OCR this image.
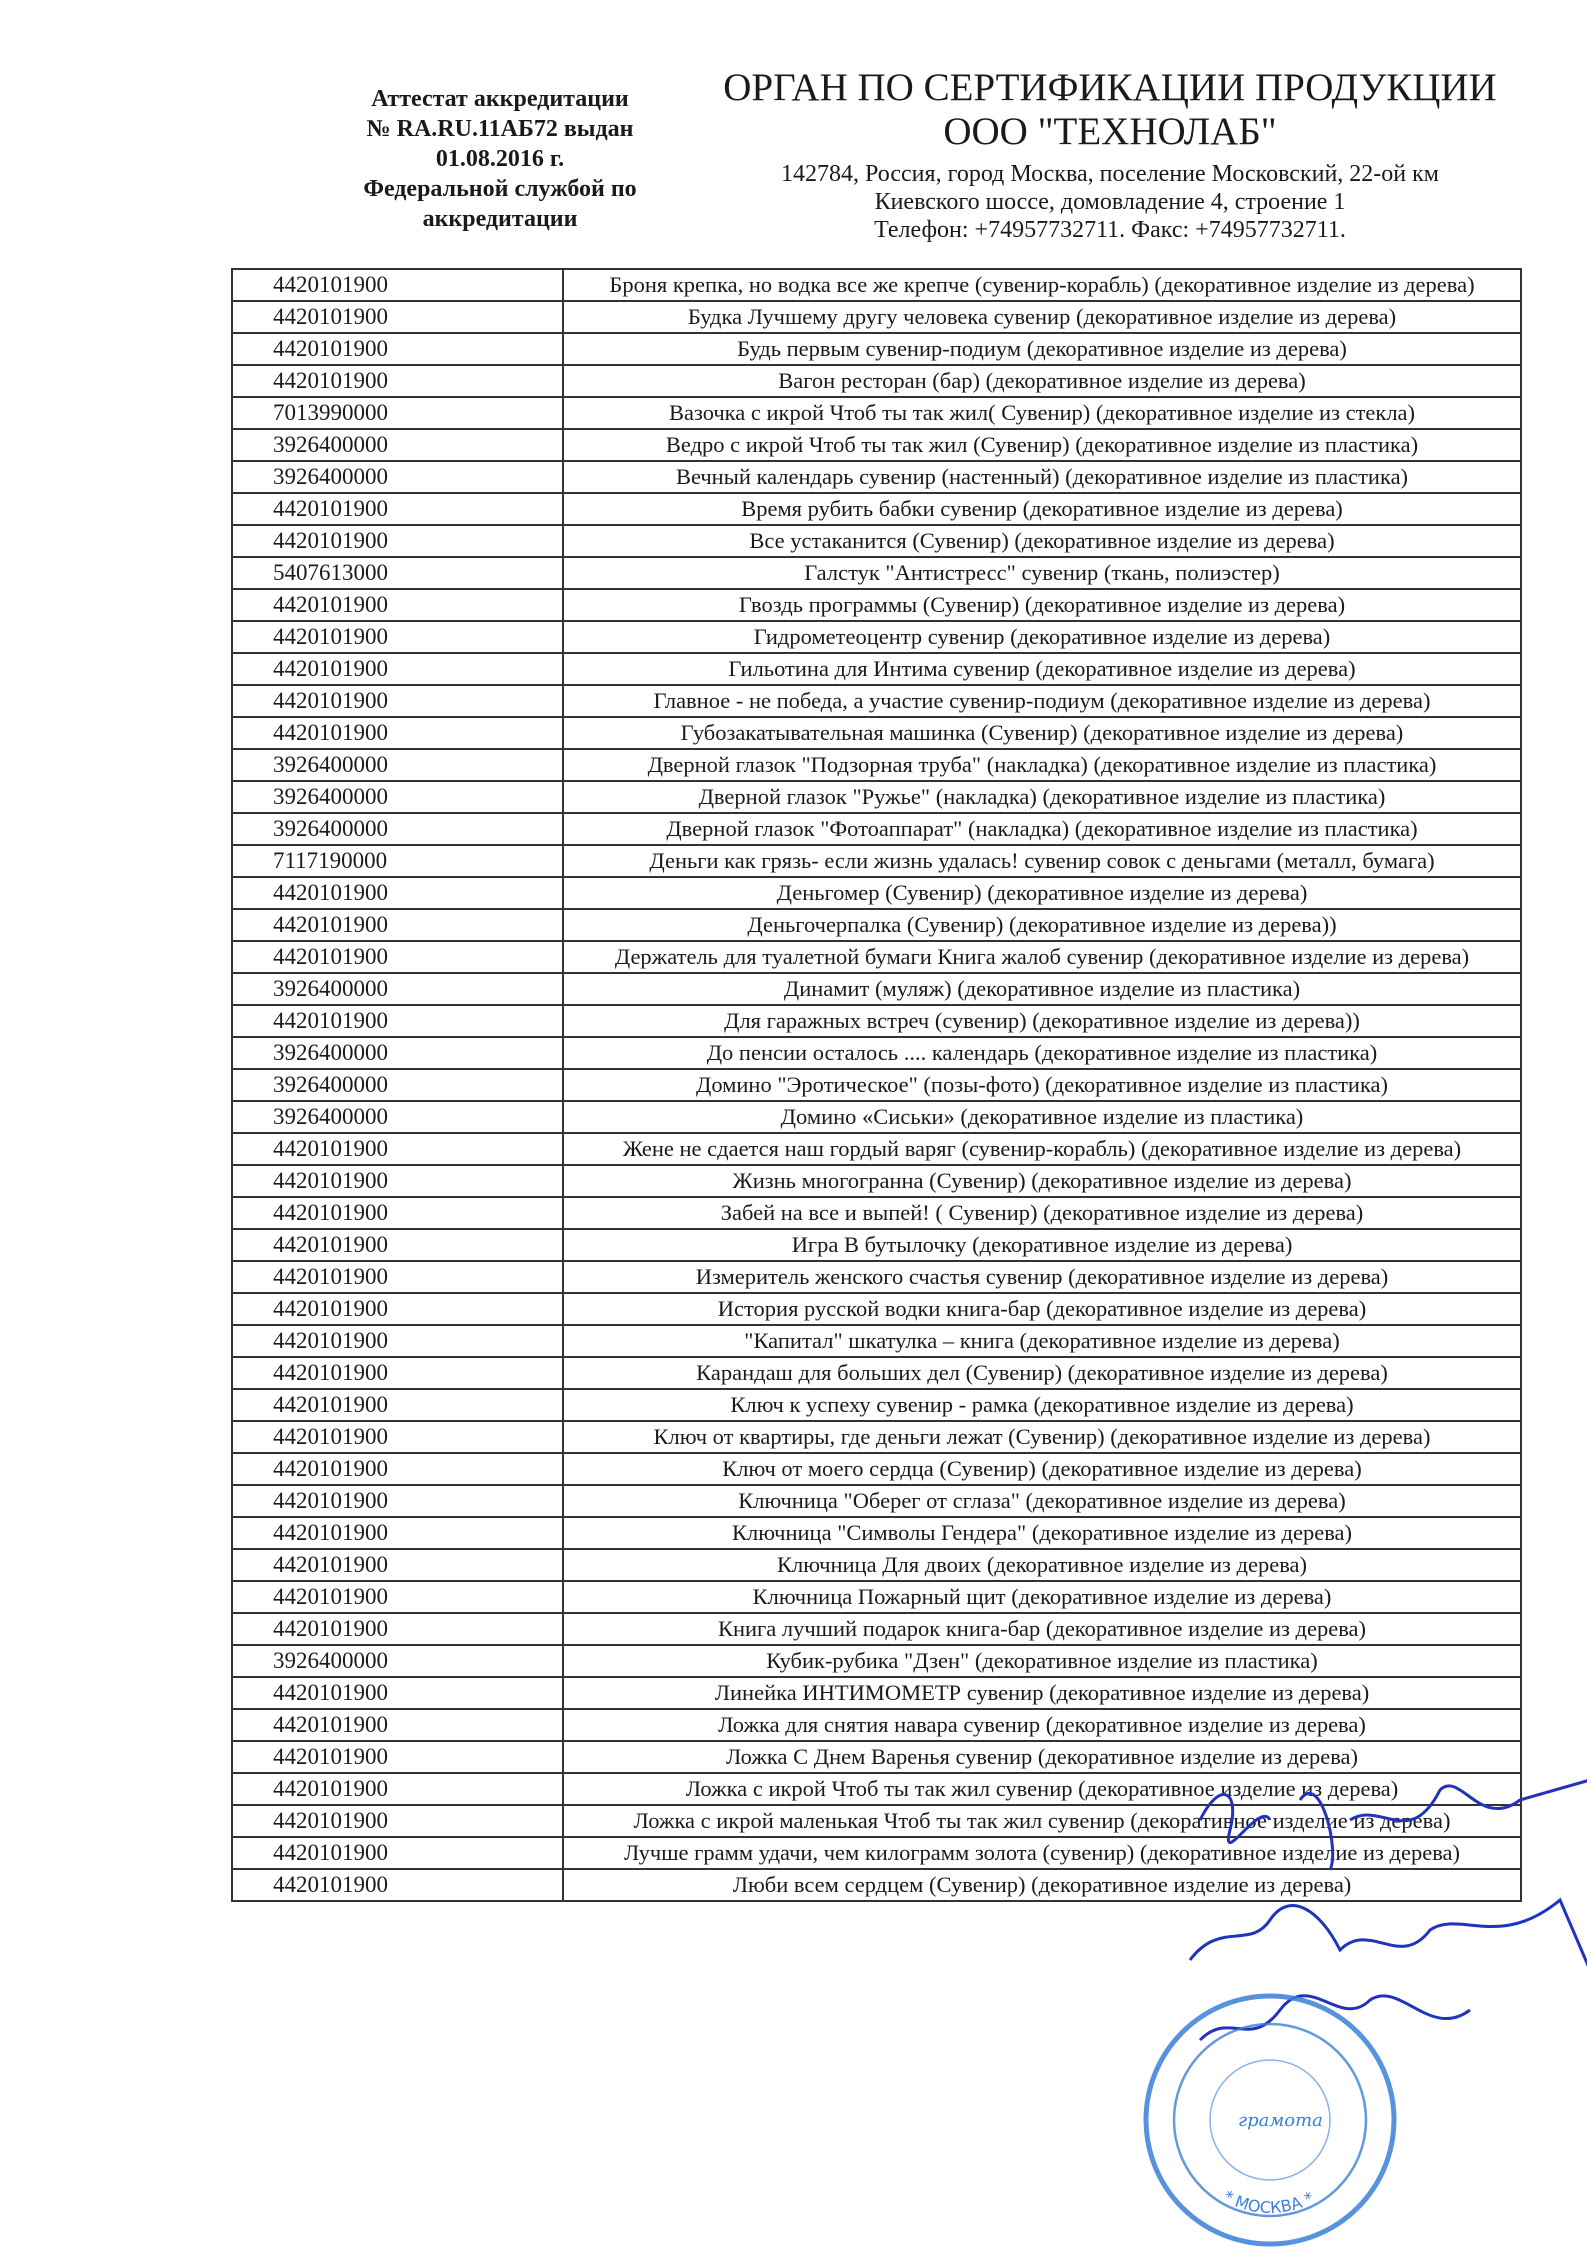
Аттестат аккредитации
№ RA.RU.11АБ72 выдан
01.08.2016 г.
Федеральной службой по
аккредитации
ОРГАН ПО СЕРТИФИКАЦИИ ПРОДУКЦИИ
ООО "ТЕХНОЛАБ"
142784, Россия, город Москва, поселение Московский, 22-ой км
Киевского шоссе, домовладение 4, строение 1
Телефон: +74957732711. Факс: +74957732711.
4420101900	Броня крепка, но водка все же крепче (сувенир-корабль) (декоративное изделие из дерева)
4420101900	Будка Лучшему другу человека сувенир (декоративное изделие из дерева)
4420101900	Будь первым сувенир-подиум (декоративное изделие из дерева)
4420101900	Вагон ресторан (бар) (декоративное изделие из дерева)
7013990000	Вазочка с икрой Чтоб ты так жил( Сувенир) (декоративное изделие из стекла)
3926400000	Ведро с икрой Чтоб ты так жил (Сувенир) (декоративное изделие из пластика)
3926400000	Вечный календарь сувенир (настенный) (декоративное изделие из пластика)
4420101900	Время рубить бабки сувенир (декоративное изделие из дерева)
4420101900	Все устаканится (Сувенир) (декоративное изделие из дерева)
5407613000	Галстук "Антистресс" сувенир (ткань, полиэстер)
4420101900	Гвоздь программы (Сувенир) (декоративное изделие из дерева)
4420101900	Гидрометеоцентр сувенир (декоративное изделие из дерева)
4420101900	Гильотина для Интима сувенир (декоративное изделие из дерева)
4420101900	Главное - не победа, а участие сувенир-подиум (декоративное изделие из дерева)
4420101900	Губозакатывательная машинка (Сувенир) (декоративное изделие из дерева)
3926400000	Дверной глазок "Подзорная труба" (накладка) (декоративное изделие из пластика)
3926400000	Дверной глазок "Ружье" (накладка) (декоративное изделие из пластика)
3926400000	Дверной глазок "Фотоаппарат" (накладка) (декоративное изделие из пластика)
7117190000	Деньги как грязь- если жизнь удалась! сувенир совок с деньгами (металл, бумага)
4420101900	Деньгомер (Сувенир) (декоративное изделие из дерева)
4420101900	Деньгочерпалка (Сувенир) (декоративное изделие из дерева))
4420101900	Держатель для туалетной бумаги Книга жалоб сувенир (декоративное изделие из дерева)
3926400000	Динамит (муляж) (декоративное изделие из пластика)
4420101900	Для гаражных встреч (сувенир) (декоративное изделие из дерева))
3926400000	До пенсии осталось .... календарь (декоративное изделие из пластика)
3926400000	Домино "Эротическое" (позы-фото) (декоративное изделие из пластика)
3926400000	Домино «Сиськи» (декоративное изделие из пластика)
4420101900	Жене не сдается наш гордый варяг (сувенир-корабль) (декоративное изделие из дерева)
4420101900	Жизнь многогранна (Сувенир) (декоративное изделие из дерева)
4420101900	Забей на все и выпей! ( Сувенир) (декоративное изделие из дерева)
4420101900	Игра В бутылочку (декоративное изделие из дерева)
4420101900	Измеритель женского счастья сувенир (декоративное изделие из дерева)
4420101900	История русской водки книга-бар (декоративное изделие из дерева)
4420101900	"Капитал" шкатулка – книга (декоративное изделие из дерева)
4420101900	Карандаш для больших дел (Сувенир) (декоративное изделие из дерева)
4420101900	Ключ к успеху сувенир - рамка (декоративное изделие из дерева)
4420101900	Ключ от квартиры, где деньги лежат (Сувенир) (декоративное изделие из дерева)
4420101900	Ключ от моего сердца (Сувенир) (декоративное изделие из дерева)
4420101900	Ключница "Оберег от сглаза" (декоративное изделие из дерева)
4420101900	Ключница "Символы Гендера" (декоративное изделие из дерева)
4420101900	Ключница Для двоих (декоративное изделие из дерева)
4420101900	Ключница Пожарный щит (декоративное изделие из дерева)
4420101900	Книга лучший подарок книга-бар (декоративное изделие из дерева)
3926400000	Кубик-рубика "Дзен" (декоративное изделие из пластика)
4420101900	Линейка ИНТИМОМЕТР сувенир (декоративное изделие из дерева)
4420101900	Ложка для снятия навара сувенир (декоративное изделие из дерева)
4420101900	Ложка С Днем Варенья сувенир (декоративное изделие из дерева)
4420101900	Ложка с икрой Чтоб ты так жил сувенир (декоративное изделие из дерева)
4420101900	Ложка с икрой маленькая Чтоб ты так жил сувенир (декоративное изделие из дерева)
4420101900	Лучше грамм удачи, чем килограмм золота (сувенир) (декоративное изделие из дерева)
4420101900	Люби всем сердцем (Сувенир) (декоративное изделие из дерева)
* МОСКВА *
грамота
